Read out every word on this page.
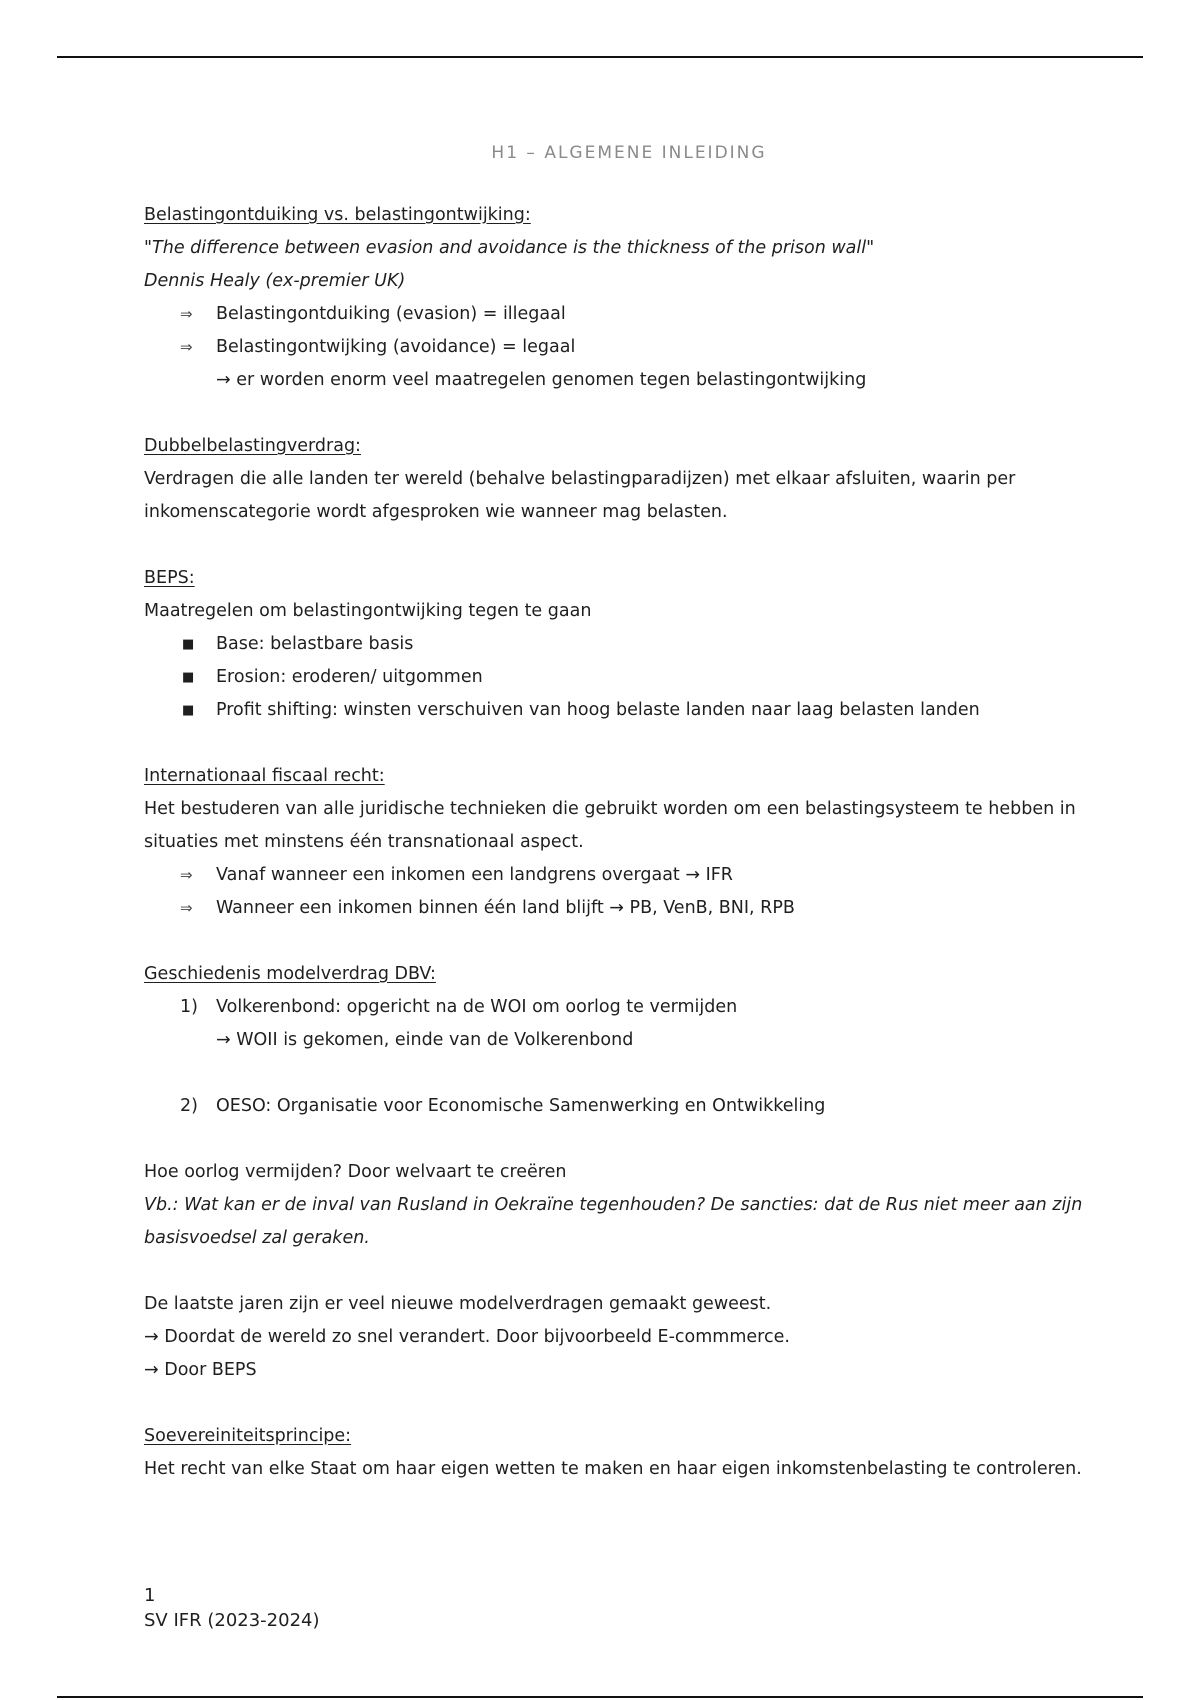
H1 – ALGEMENE INLEIDING

Belastingontduiking vs. belastingontwijking:

"The difference between evasion and avoidance is the thickness of the prison wall"

Dennis Healy (ex-premier UK)

⇒	Belastingontduiking (evasion) = illegaal
⇒	Belastingontwijking (avoidance) = legaal

→ er worden enorm veel maatregelen genomen tegen belastingontwijking

Dubbelbelastingverdrag:

Verdragen die alle landen ter wereld (behalve belastingparadijzen) met elkaar afsluiten, waarin per inkomenscategorie wordt afgesproken wie wanneer mag belasten.

BEPS:

Maatregelen om belastingontwijking tegen te gaan

■	Base: belastbare basis
■	Erosion: eroderen/ uitgommen
■	Profit shifting: winsten verschuiven van hoog belaste landen naar laag belasten landen

Internationaal fiscaal recht:

Het bestuderen van alle juridische technieken die gebruikt worden om een belastingsysteem te hebben in situaties met minstens één transnationaal aspect.

⇒	Vanaf wanneer een inkomen een landgrens overgaat → IFR
⇒	Wanneer een inkomen binnen één land blijft → PB, VenB, BNI, RPB

Geschiedenis modelverdrag DBV:

1)	Volkerenbond: opgericht na de WOI om oorlog te vermijden

→ WOII is gekomen, einde van de Volkerenbond

2)	OESO: Organisatie voor Economische Samenwerking en Ontwikkeling

Hoe oorlog vermijden? Door welvaart te creëren

Vb.: Wat kan er de inval van Rusland in Oekraïne tegenhouden? De sancties: dat de Rus niet meer aan zijn basisvoedsel zal geraken.

De laatste jaren zijn er veel nieuwe modelverdragen gemaakt geweest.

→ Doordat de wereld zo snel verandert. Door bijvoorbeeld E-commmerce.

→ Door BEPS

Soevereiniteitsprincipe:

Het recht van elke Staat om haar eigen wetten te maken en haar eigen inkomstenbelasting te controleren.

1
SV IFR (2023-2024)
